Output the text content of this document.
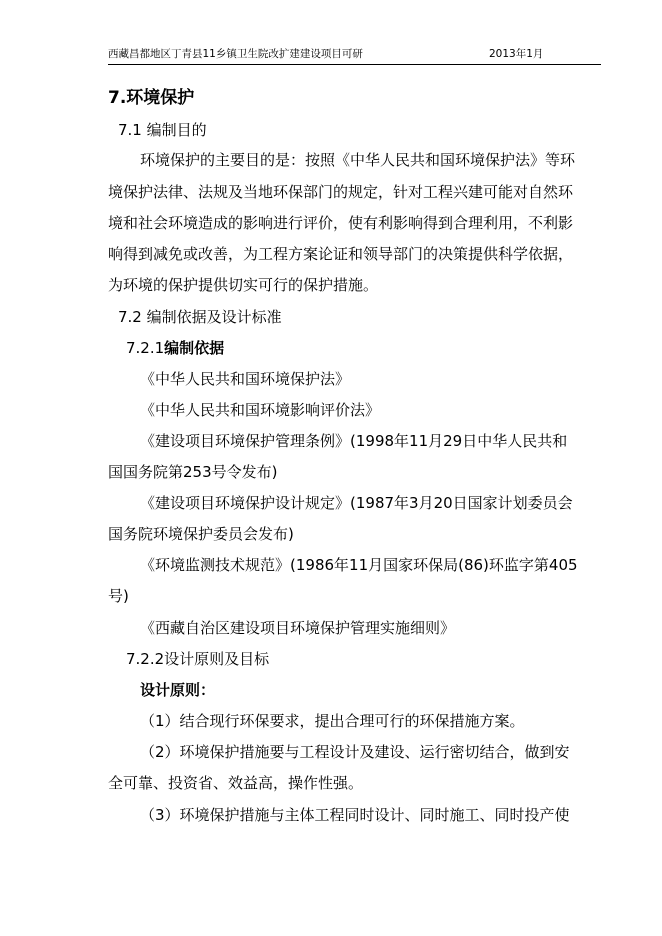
西藏昌都地区丁青县11乡镇卫生院改扩建建设项目可研	2013年1月
7.环境保护
7.1 编制目的
环境保护的主要目的是：按照《中华人民共和国环境保护法》等环
境保护法律、法规及当地环保部门的规定，针对工程兴建可能对自然环
境和社会环境造成的影响进行评价，使有利影响得到合理利用，不利影
响得到减免或改善，为工程方案论证和领导部门的决策提供科学依据，
为环境的保护提供切实可行的保护措施。
7.2 编制依据及设计标准
7.2.1编制依据
《中华人民共和国环境保护法》
《中华人民共和国环境影响评价法》
《建设项目环境保护管理条例》(1998年11月29日中华人民共和
国国务院第253号令发布)
《建设项目环境保护设计规定》(1987年3月20日国家计划委员会
国务院环境保护委员会发布)
《环境监测技术规范》(1986年11月国家环保局(86)环监字第405
号)
《西藏自治区建设项目环境保护管理实施细则》
7.2.2设计原则及目标
设计原则：
（1）结合现行环保要求，提出合理可行的环保措施方案。
（2）环境保护措施要与工程设计及建设、运行密切结合，做到安
全可靠、投资省、效益高，操作性强。
（3）环境保护措施与主体工程同时设计、同时施工、同时投产使
